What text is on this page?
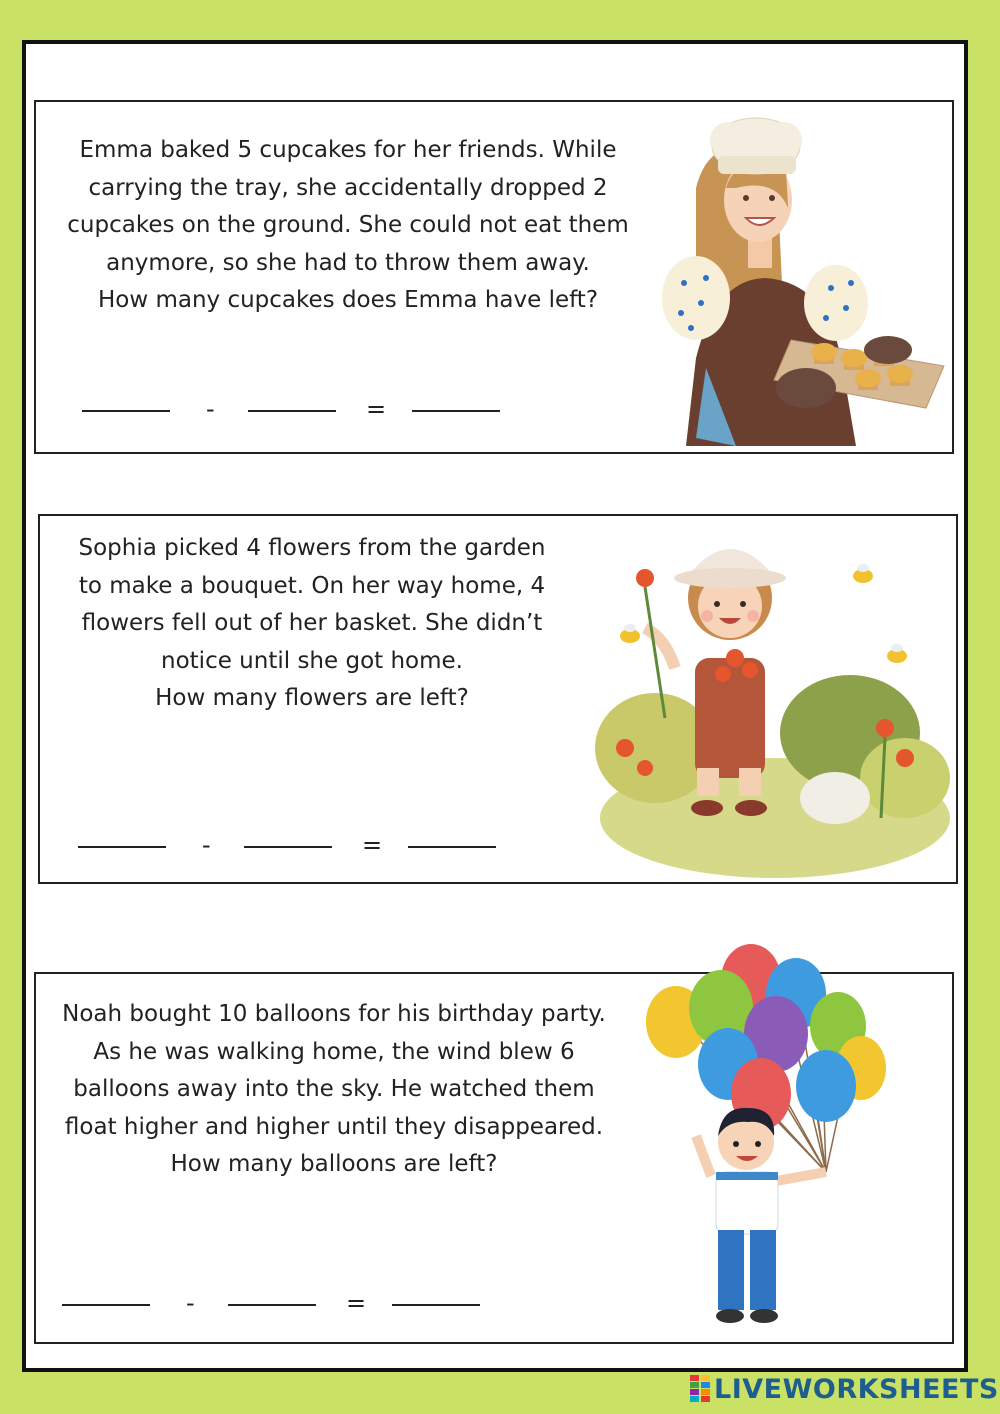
Emma baked 5 cupcakes for her friends. While
carrying the tray, she accidentally dropped 2
cupcakes on the ground. She could not eat them
anymore, so she had to throw them away.
How many cupcakes does Emma have left?

-	=

Sophia picked 4 flowers from the garden
to make a bouquet. On her way home, 4
flowers fell out of her basket. She didn’t
notice until she got home.
How many flowers are left?

-	=

Noah bought 10 balloons for his birthday party.
As he was walking home, the wind blew 6
balloons away into the sky. He watched them
float higher and higher until they disappeared.
How many balloons are left?

-	=
LIVEWORKSHEETS
